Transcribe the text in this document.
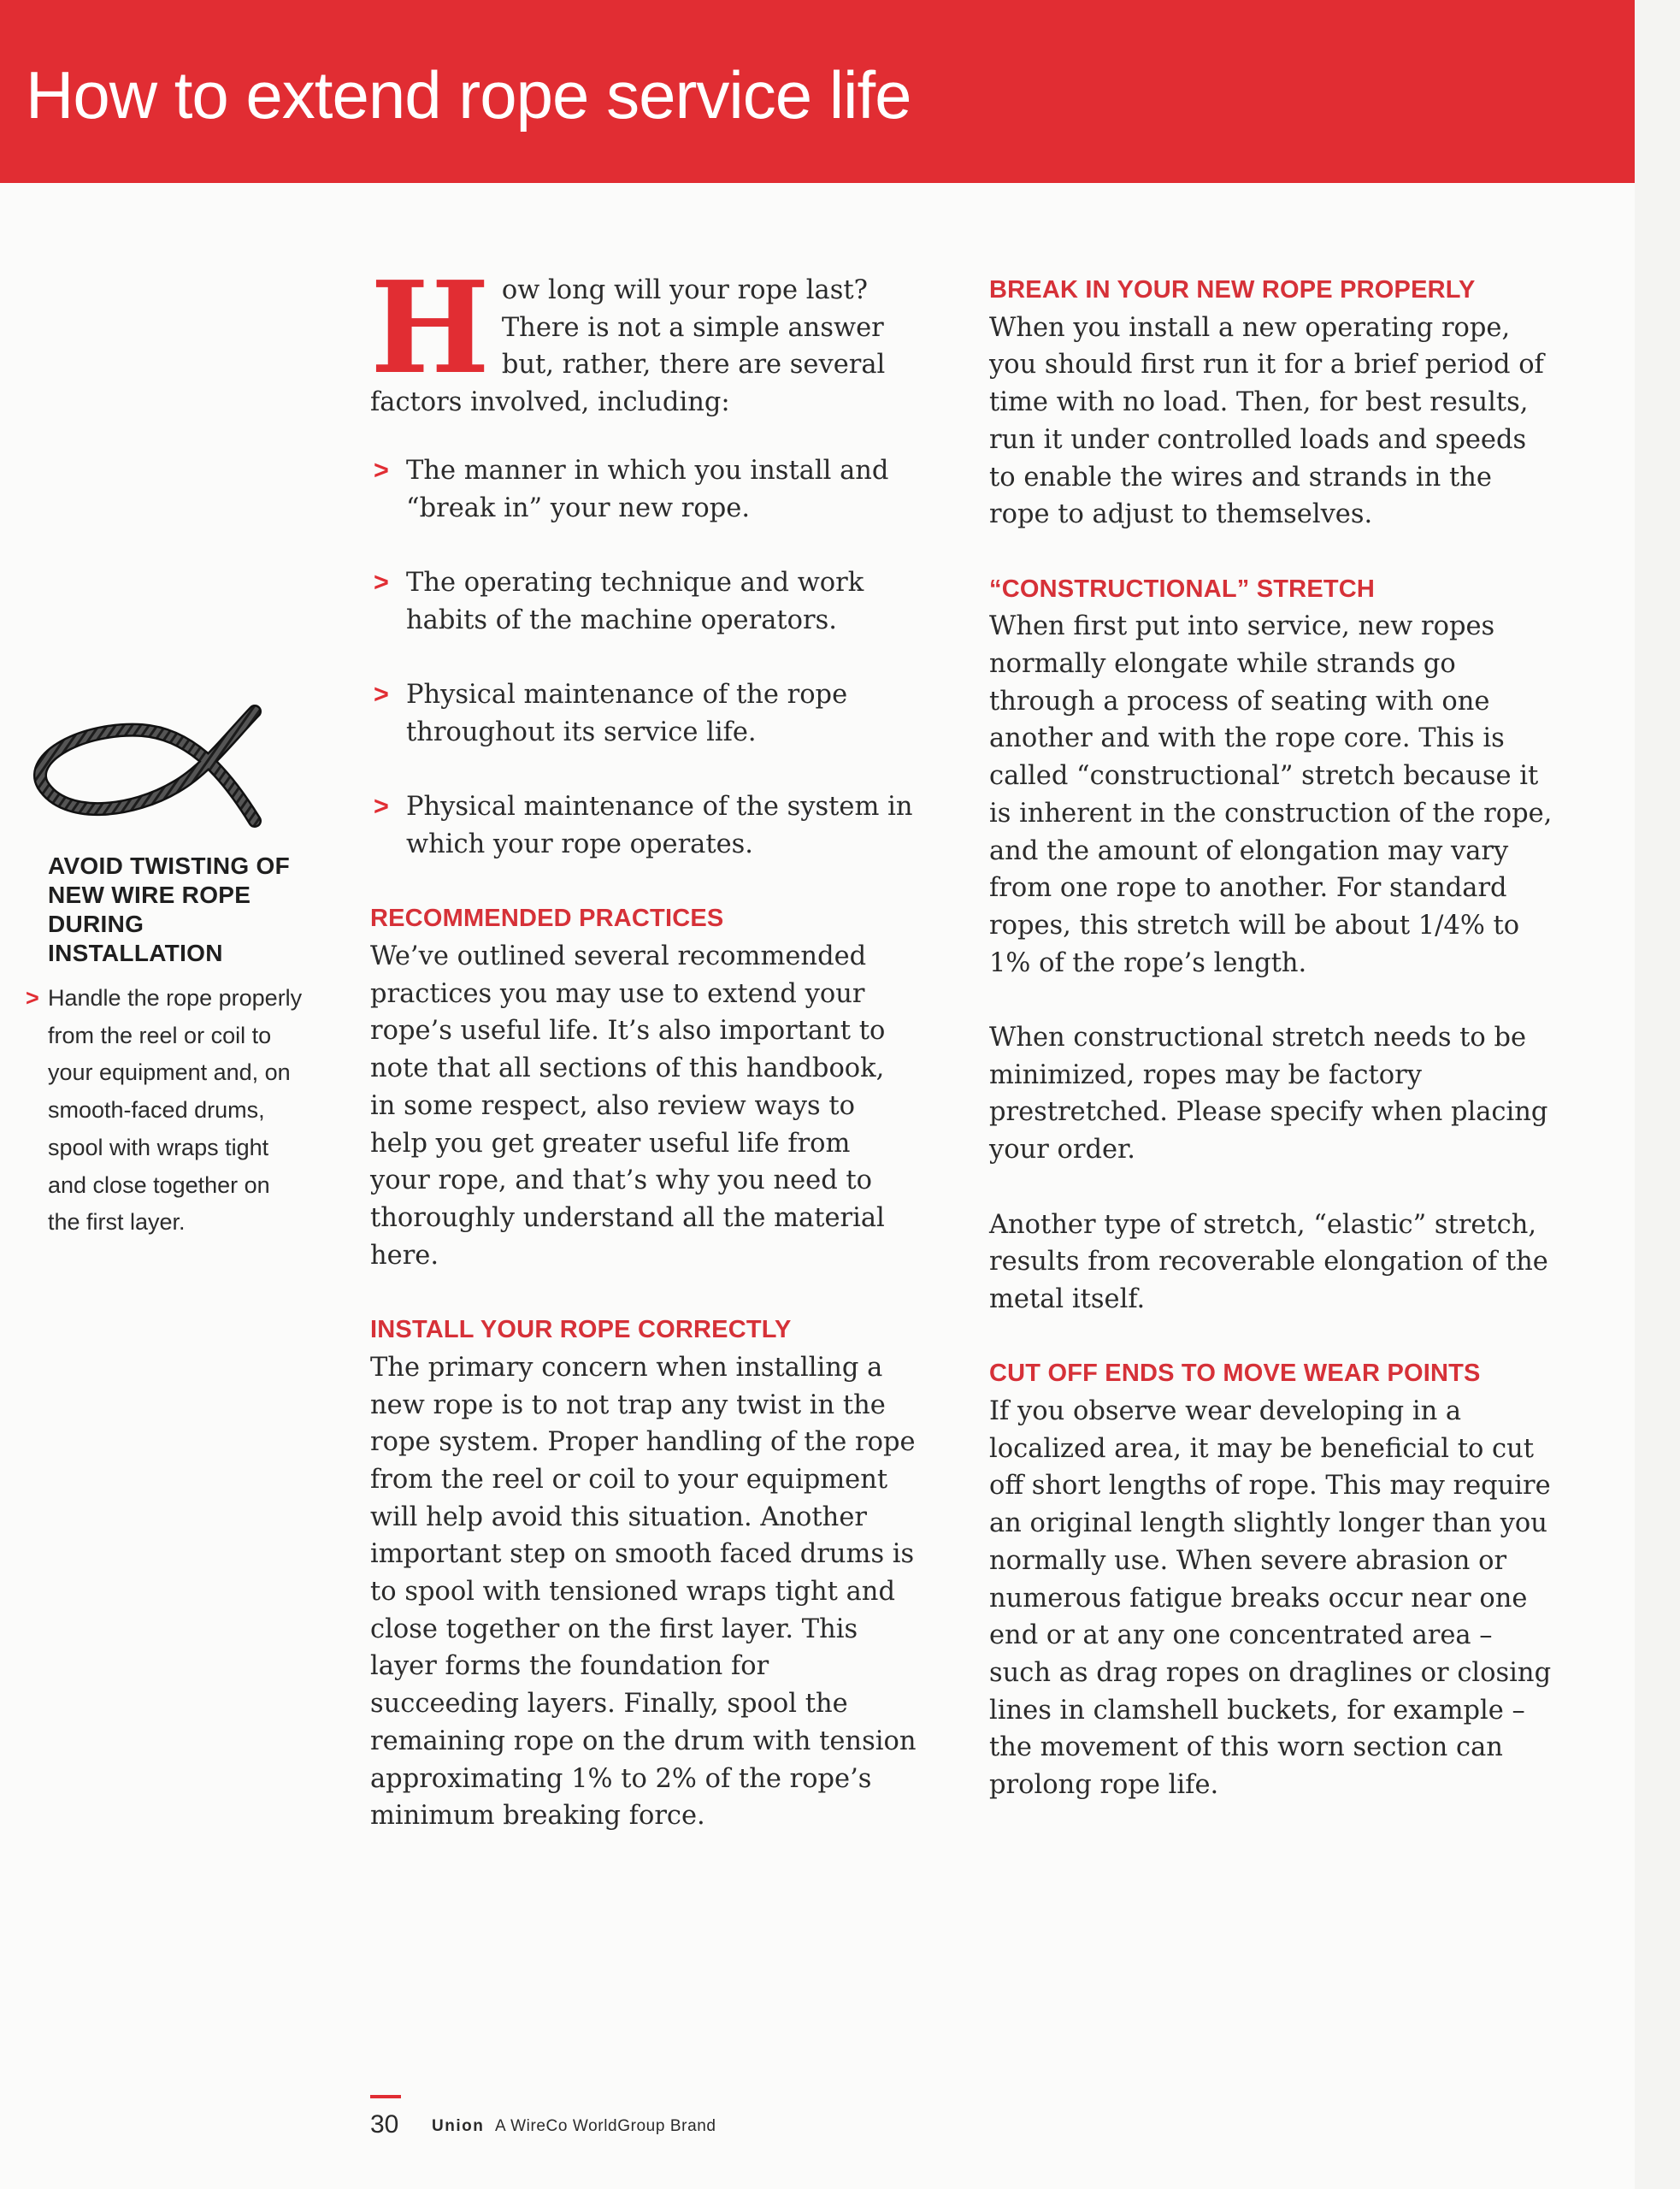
How to extend rope service life
AVOID TWISTING OF NEW WIRE ROPE DURING INSTALLATION
> Handle the rope properly from the reel or coil to your equipment and, on smooth-faced drums, spool with wraps tight and close together on the first layer.
H ow long will your rope last? There is not a simple answer but, rather, there are several factors involved, including:
> The manner in which you install and “break in” your new rope.
> The operating technique and work habits of the machine operators.
> Physical maintenance of the rope throughout its service life.
> Physical maintenance of the system in which your rope operates.
RECOMMENDED PRACTICES
We’ve outlined several recommended practices you may use to extend your rope’s useful life. It’s also important to note that all sections of this handbook, in some respect, also review ways to help you get greater useful life from your rope, and that’s why you need to thoroughly understand all the material here.
INSTALL YOUR ROPE CORRECTLY
The primary concern when installing a new rope is to not trap any twist in the rope system. Proper handling of the rope from the reel or coil to your equipment will help avoid this situation. Another important step on smooth faced drums is to spool with tensioned wraps tight and close together on the first layer. This layer forms the foundation for succeeding layers. Finally, spool the remaining rope on the drum with tension approximating 1% to 2% of the rope’s minimum breaking force.
BREAK IN YOUR NEW ROPE PROPERLY
When you install a new operating rope, you should first run it for a brief period of time with no load. Then, for best results, run it under controlled loads and speeds to enable the wires and strands in the rope to adjust to themselves.
“CONSTRUCTIONAL” STRETCH
When first put into service, new ropes normally elongate while strands go through a process of seating with one another and with the rope core. This is called “constructional” stretch because it is inherent in the construction of the rope, and the amount of elongation may vary from one rope to another. For standard ropes, this stretch will be about 1/4% to 1% of the rope’s length.
When constructional stretch needs to be minimized, ropes may be factory prestretched. Please specify when placing your order.
Another type of stretch, “elastic” stretch, results from recoverable elongation of the metal itself.
CUT OFF ENDS TO MOVE WEAR POINTS
If you observe wear developing in a localized area, it may be beneficial to cut off short lengths of rope. This may require an original length slightly longer than you normally use. When severe abrasion or numerous fatigue breaks occur near one end or at any one concentrated area – such as drag ropes on draglines or closing lines in clamshell buckets, for example – the movement of this worn section can prolong rope life.
30 Union A WireCo WorldGroup Brand
